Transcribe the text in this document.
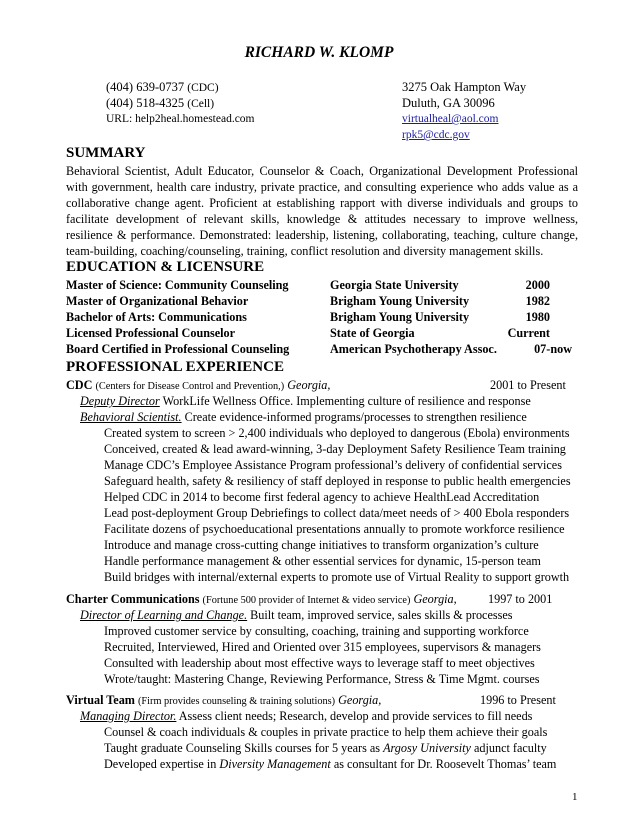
RICHARD W. KLOMP
(404) 639-0737 (CDC)
(404) 518-4325 (Cell)
URL: help2heal.homestead.com
3275 Oak Hampton Way
Duluth, GA 30096
virtualheal@aol.com
rpk5@cdc.gov
SUMMARY
Behavioral Scientist, Adult Educator, Counselor & Coach, Organizational Development Professional with government, health care industry, private practice, and consulting experience who adds value as a collaborative change agent. Proficient at establishing rapport with diverse individuals and groups to facilitate development of relevant skills, knowledge & attitudes necessary to improve wellness, resilience & performance. Demonstrated: leadership, listening, collaborating, teaching, culture change, team-building, coaching/counseling, training, conflict resolution and diversity management skills.
EDUCATION & LICENSURE
Master of Science: Community Counseling	Georgia State University	2000
Master of Organizational Behavior	Brigham Young University	1982
Bachelor of Arts: Communications	Brigham Young University	1980
Licensed Professional Counselor	State of Georgia	Current
Board Certified in Professional Counseling	American Psychotherapy Assoc.	07-now
PROFESSIONAL EXPERIENCE
CDC (Centers for Disease Control and Prevention,) Georgia,	2001 to Present
Deputy Director WorkLife Wellness Office. Implementing culture of resilience and response
Behavioral Scientist. Create evidence-informed programs/processes to strengthen resilience
Created system to screen > 2,400 individuals who deployed to dangerous (Ebola) environments
Conceived, created & lead award-winning, 3-day Deployment Safety Resilience Team training
Manage CDC’s Employee Assistance Program professional’s delivery of confidential services
Safeguard health, safety & resiliency of staff deployed in response to public health emergencies
Helped CDC in 2014 to become first federal agency to achieve HealthLead Accreditation
Lead post-deployment Group Debriefings to collect data/meet needs of > 400 Ebola responders
Facilitate dozens of psychoeducational presentations annually to promote workforce resilience
Introduce and manage cross-cutting change initiatives to transform organization’s culture
Handle performance management & other essential services for dynamic, 15-person team
Build bridges with internal/external experts to promote use of Virtual Reality to support growth
Charter Communications (Fortune 500 provider of Internet & video service) Georgia,	1997 to 2001
Director of Learning and Change. Built team, improved service, sales skills & processes
Improved customer service by consulting, coaching, training and supporting workforce
Recruited, Interviewed, Hired and Oriented over 315 employees, supervisors & managers
Consulted with leadership about most effective ways to leverage staff to meet objectives
Wrote/taught: Mastering Change, Reviewing Performance, Stress & Time Mgmt. courses
Virtual Team (Firm provides counseling & training solutions) Georgia,	1996 to Present
Managing Director. Assess client needs; Research, develop and provide services to fill needs
Counsel & coach individuals & couples in private practice to help them achieve their goals
Taught graduate Counseling Skills courses for 5 years as Argosy University adjunct faculty
Developed expertise in Diversity Management as consultant for Dr. Roosevelt Thomas’ team
1
